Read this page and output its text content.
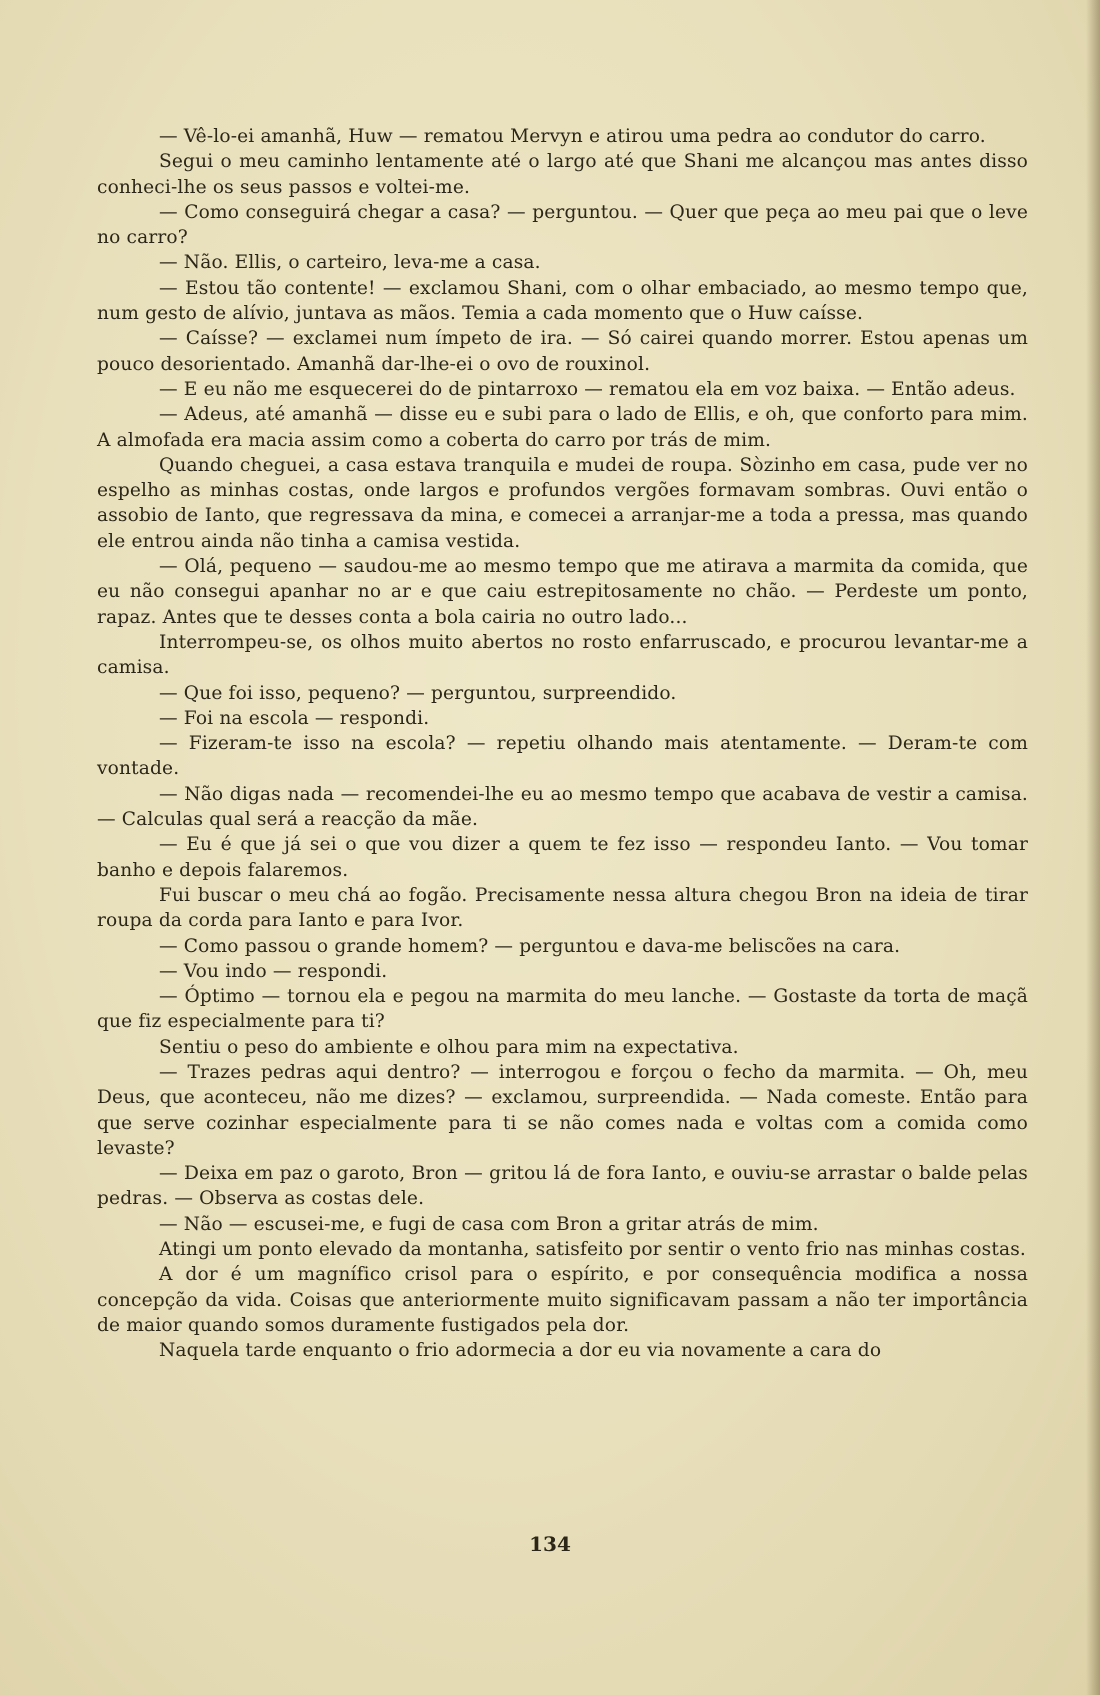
— Vê-lo-ei amanhã, Huw — rematou Mervyn e atirou uma pedra ao condutor do carro.

Segui o meu caminho lentamente até o largo até que Shani me alcançou mas antes disso conheci-lhe os seus passos e voltei-me.

— Como conseguirá chegar a casa? — perguntou. — Quer que peça ao meu pai que o leve no carro?

— Não. Ellis, o carteiro, leva-me a casa.

— Estou tão contente! — exclamou Shani, com o olhar embaciado, ao mesmo tempo que, num gesto de alívio, juntava as mãos. Temia a cada momento que o Huw caísse.

— Caísse? — exclamei num ímpeto de ira. — Só cairei quando morrer. Estou apenas um pouco desorientado. Amanhã dar-lhe-ei o ovo de rouxinol.

— E eu não me esquecerei do de pintarroxo — rematou ela em voz baixa. — Então adeus.

— Adeus, até amanhã — disse eu e subi para o lado de Ellis, e oh, que conforto para mim. A almofada era macia assim como a coberta do carro por trás de mim.

Quando cheguei, a casa estava tranquila e mudei de roupa. Sòzinho em casa, pude ver no espelho as minhas costas, onde largos e profundos vergões formavam sombras. Ouvi então o assobio de Ianto, que regressava da mina, e comecei a arranjar-me a toda a pressa, mas quando ele entrou ainda não tinha a camisa vestida.

— Olá, pequeno — saudou-me ao mesmo tempo que me atirava a marmita da comida, que eu não consegui apanhar no ar e que caiu estrepitosamente no chão. — Perdeste um ponto, rapaz. Antes que te desses conta a bola cairia no outro lado...

Interrompeu-se, os olhos muito abertos no rosto enfarruscado, e procurou levantar-me a camisa.

— Que foi isso, pequeno? — perguntou, surpreendido.

— Foi na escola — respondi.

— Fizeram-te isso na escola? — repetiu olhando mais atentamente. — Deram-te com vontade.

— Não digas nada — recomendei-lhe eu ao mesmo tempo que acabava de vestir a camisa. — Calculas qual será a reacção da mãe.

— Eu é que já sei o que vou dizer a quem te fez isso — respondeu Ianto. — Vou tomar banho e depois falaremos.

Fui buscar o meu chá ao fogão. Precisamente nessa altura chegou Bron na ideia de tirar roupa da corda para Ianto e para Ivor.

— Como passou o grande homem? — perguntou e dava-me beliscões na cara.

— Vou indo — respondi.

— Óptimo — tornou ela e pegou na marmita do meu lanche. — Gostaste da torta de maçã que fiz especialmente para ti?

Sentiu o peso do ambiente e olhou para mim na expectativa.

— Trazes pedras aqui dentro? — interrogou e forçou o fecho da marmita. — Oh, meu Deus, que aconteceu, não me dizes? — exclamou, surpreendida. — Nada comeste. Então para que serve cozinhar especialmente para ti se não comes nada e voltas com a comida como levaste?

— Deixa em paz o garoto, Bron — gritou lá de fora Ianto, e ouviu-se arrastar o balde pelas pedras. — Observa as costas dele.

— Não — escusei-me, e fugi de casa com Bron a gritar atrás de mim.

Atingi um ponto elevado da montanha, satisfeito por sentir o vento frio nas minhas costas.

A dor é um magnífico crisol para o espírito, e por consequência modifica a nossa concepção da vida. Coisas que anteriormente muito significavam passam a não ter importância de maior quando somos duramente fustigados pela dor.

Naquela tarde enquanto o frio adormecia a dor eu via novamente a cara do

134
